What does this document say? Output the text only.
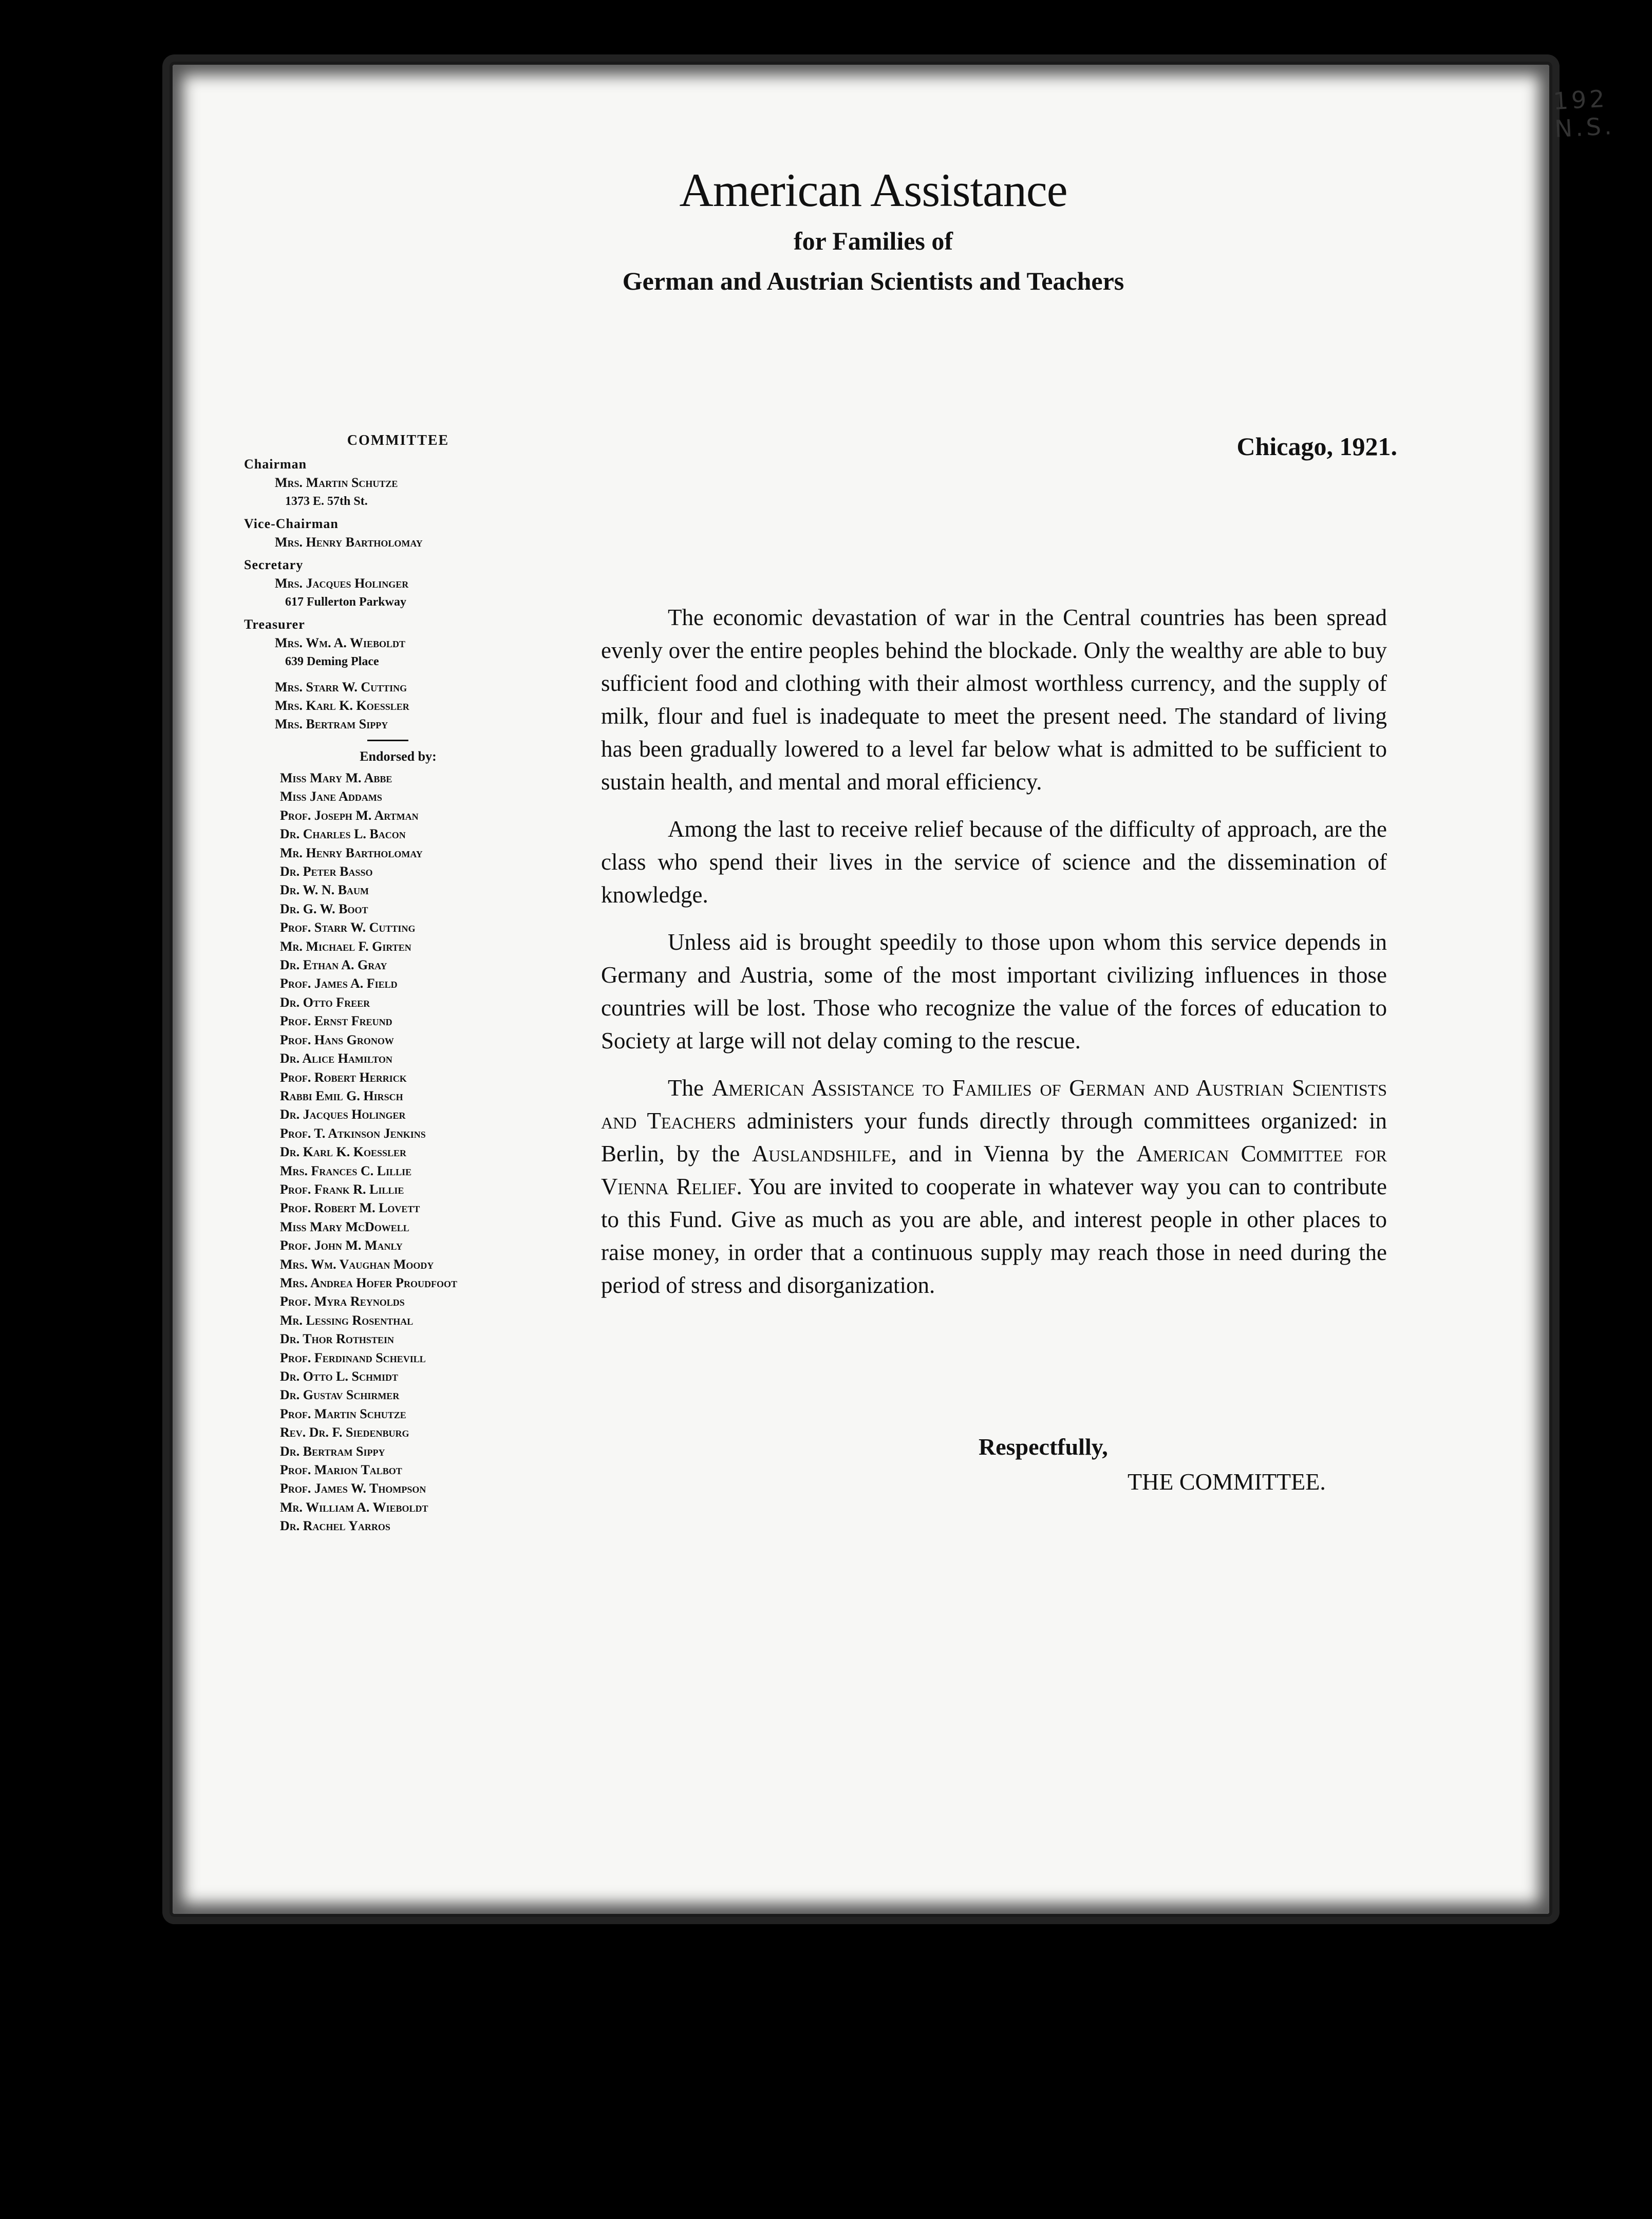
192 N.S.
American Assistance
for Families of
German and Austrian Scientists and Teachers
Chicago, 1921.
COMMITTEE
Chairman
Mrs. Martin Schutze
1373 E. 57th St.
Vice-Chairman
Mrs. Henry Bartholomay
Secretary
Mrs. Jacques Holinger
617 Fullerton Parkway
Treasurer
Mrs. Wm. A. Wieboldt
639 Deming Place
Mrs. Starr W. Cutting
Mrs. Karl K. Koessler
Mrs. Bertram Sippy
Endorsed by:
Miss Mary M. Abbe
Miss Jane Addams
Prof. Joseph M. Artman
Dr. Charles L. Bacon
Mr. Henry Bartholomay
Dr. Peter Basso
Dr. W. N. Baum
Dr. G. W. Boot
Prof. Starr W. Cutting
Mr. Michael F. Girten
Dr. Ethan A. Gray
Prof. James A. Field
Dr. Otto Freer
Prof. Ernst Freund
Prof. Hans Gronow
Dr. Alice Hamilton
Prof. Robert Herrick
Rabbi Emil G. Hirsch
Dr. Jacques Holinger
Prof. T. Atkinson Jenkins
Dr. Karl K. Koessler
Mrs. Frances C. Lillie
Prof. Frank R. Lillie
Prof. Robert M. Lovett
Miss Mary McDowell
Prof. John M. Manly
Mrs. Wm. Vaughan Moody
Mrs. Andrea Hofer Proudfoot
Prof. Myra Reynolds
Mr. Lessing Rosenthal
Dr. Thor Rothstein
Prof. Ferdinand Schevill
Dr. Otto L. Schmidt
Dr. Gustav Schirmer
Prof. Martin Schutze
Rev. Dr. F. Siedenburg
Dr. Bertram Sippy
Prof. Marion Talbot
Prof. James W. Thompson
Mr. William A. Wieboldt
Dr. Rachel Yarros

The economic devastation of war in the Central countries has been spread evenly over the entire peoples behind the blockade. Only the wealthy are able to buy sufficient food and clothing with their almost worthless currency, and the supply of milk, flour and fuel is inadequate to meet the present need. The standard of living has been gradually lowered to a level far below what is admitted to be sufficient to sustain health, and mental and moral efficiency.

Among the last to receive relief because of the difficulty of approach, are the class who spend their lives in the service of science and the dissemination of knowledge.

Unless aid is brought speedily to those upon whom this service depends in Germany and Austria, some of the most important civilizing influences in those countries will be lost. Those who recognize the value of the forces of education to Society at large will not delay coming to the rescue.

The American Assistance to Families of German and Austrian Scientists and Teachers administers your funds directly through committees organized: in Berlin, by the Auslandshilfe, and in Vienna by the American Committee for Vienna Relief. You are invited to cooperate in whatever way you can to contribute to this Fund. Give as much as you are able, and interest people in other places to raise money, in order that a continuous supply may reach those in need during the period of stress and disorganization.

Respectfully,
THE COMMITTEE.
